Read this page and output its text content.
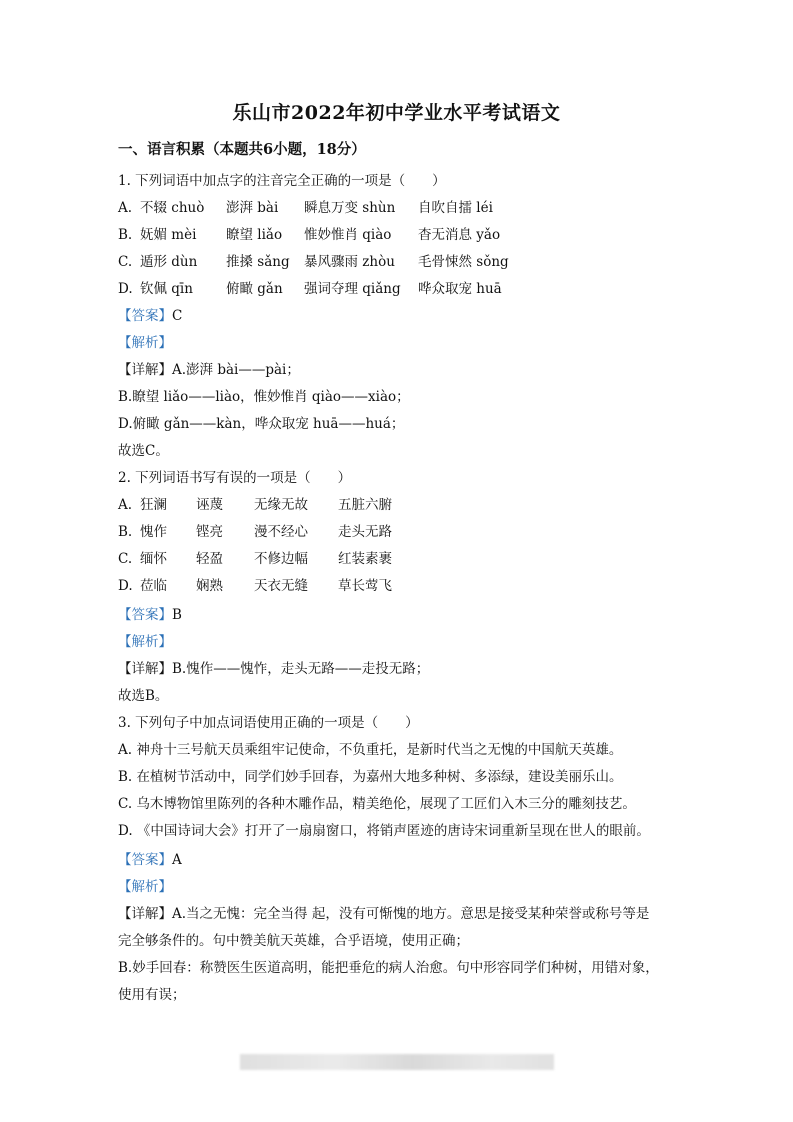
乐山市2022年初中学业水平考试语文
一、语言积累（本题共6小题，18分）
1. 下列词语中加点字的注音完全正确的一项是（　　）
A. 不辍 chuò 澎湃 bài 瞬息万变 shùn 自吹自擂 léi
B. 妩媚 mèi 瞭望 liǎo 惟妙惟肖 qiào 杳无消息 yǎo
C. 遁形 dùn 推搡 sǎng 暴风骤雨 zhòu 毛骨悚然 sǒng
D. 钦佩 qīn 俯瞰 gǎn 强词夺理 qiǎng 哗众取宠 huā
【答案】C
【解析】
【详解】A.澎湃 bài——pài；
B.瞭望 liǎo——liào，惟妙惟肖 qiào——xiào；
D.俯瞰 gǎn——kàn，哗众取宠 huā——huá；
故选C。
2. 下列词语书写有误的一项是（　　）
A. 狂澜 诬蔑 无缘无故 五脏六腑
B. 愧作 铿亮 漫不经心 走头无路
C. 缅怀 轻盈 不修边幅 红装素裹
D. 莅临 娴熟 天衣无缝 草长莺飞
【答案】B
【解析】
【详解】B.愧作——愧怍，走头无路——走投无路；
故选B。
3. 下列句子中加点词语使用正确的一项是（　　）
A. 神舟十三号航天员乘组牢记使命，不负重托，是新时代当之无愧的中国航天英雄。
B. 在植树节活动中，同学们妙手回春，为嘉州大地多种树、多添绿，建设美丽乐山。
C. 乌木博物馆里陈列的各种木雕作品，精美绝伦，展现了工匠们入木三分的雕刻技艺。
D. 《中国诗词大会》打开了一扇扇窗口，将销声匿迹的唐诗宋词重新呈现在世人的眼前。
【答案】A
【解析】
【详解】A.当之无愧：完全当得 起，没有可惭愧的地方。意思是接受某种荣誉或称号等是
完全够条件的。句中赞美航天英雄，合乎语境，使用正确；
B.妙手回春：称赞医生医道高明，能把垂危的病人治愈。句中形容同学们种树，用错对象，
使用有误；
